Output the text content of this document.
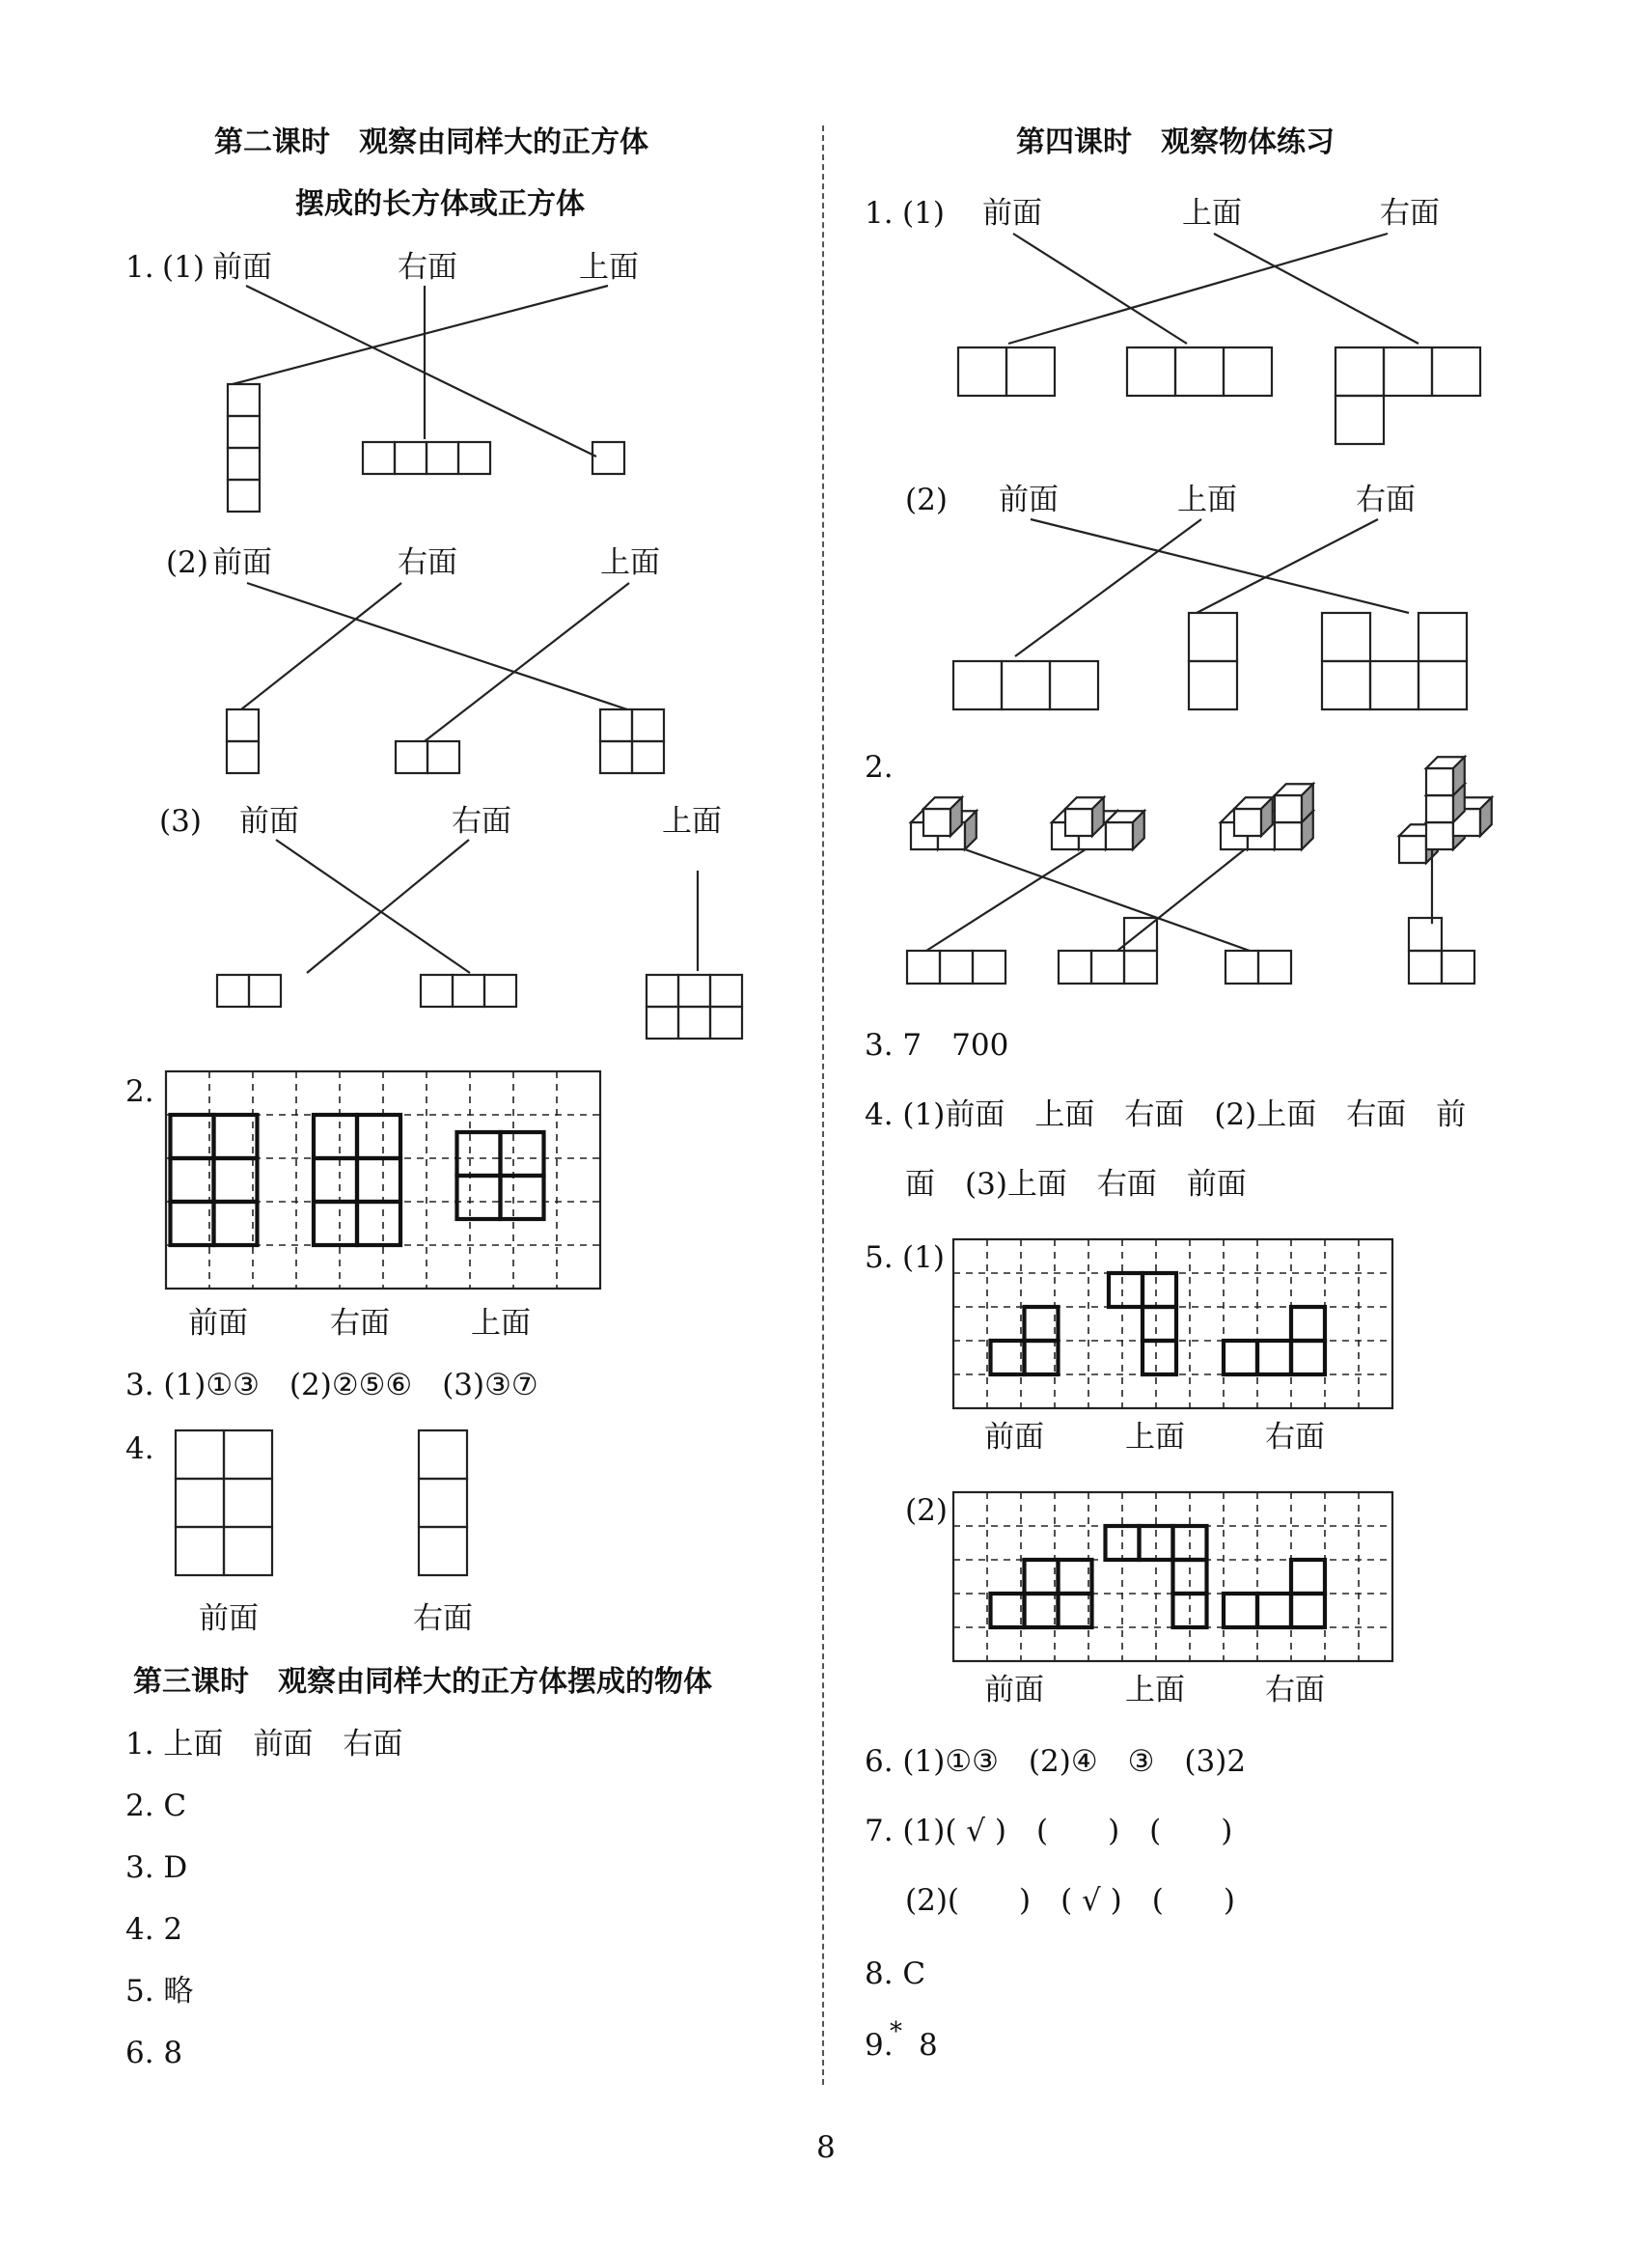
第二课时　观察由同样大的正方体
摆成的长方体或正方体
1. (1) 前面	右面	上面
(2) 前面	右面	上面
(3) 前面	右面	上面
2.
前面	右面	上面
3. (1)①③　(2)②⑤⑥　(3)③⑦
4.
前面	右面
第三课时　观察由同样大的正方体摆成的物体
1. 上面　前面　右面
2. C
3. D
4. 2
5. 略
6. 8
第四课时　观察物体练习
1. (1) 前面	上面	右面
(2) 前面	上面	右面
2.
3. 7　700
4. (1)前面　上面　右面　(2)上面　右面　前
面　(3)上面　右面　前面
5. (1)
前面	上面	右面
(2)
前面	上面	右面
6. (1)①③　(2)④　③　(3)2
7. (1)( √ )　(　　)　(　　)
(2)(　　)　( √ )　(　　)
8. C
9.
* 8
8
